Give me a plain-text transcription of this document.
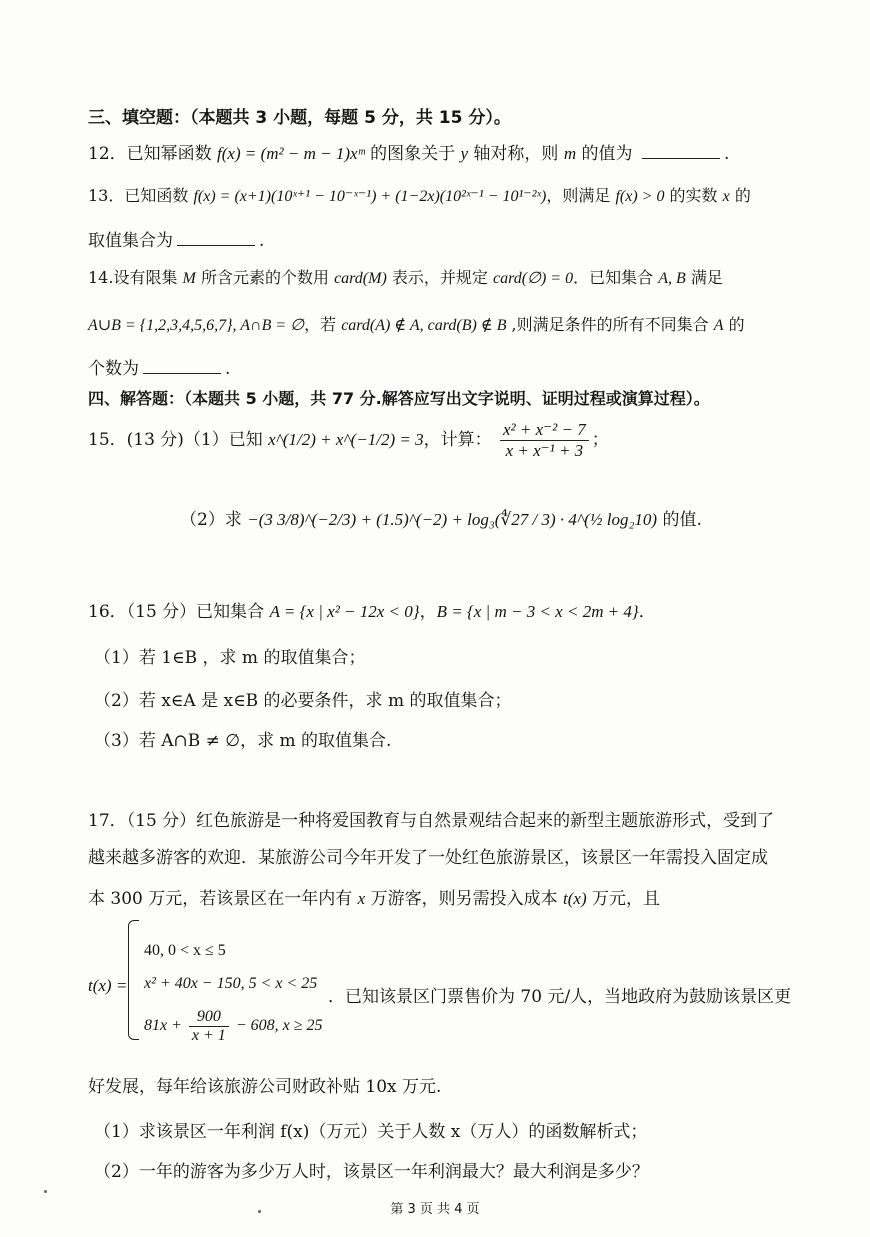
三、填空题：（本题共 3 小题，每题 5 分，共 15 分）。
12．已知幂函数 f(x) = (m² − m − 1)xᵐ 的图象关于 y 轴对称，则 m 的值为	.
13．已知函数 f(x) = (x+1)(10ˣ⁺¹ − 10⁻ˣ⁻¹) + (1−2x)(10²ˣ⁻¹ − 10¹⁻²ˣ)，则满足 f(x) > 0 的实数 x 的
取值集合为	.
14.设有限集 M 所含元素的个数用 card(M) 表示，并规定 card(∅) = 0．已知集合 A, B 满足
A∪B = {1,2,3,4,5,6,7}, A∩B = ∅，若 card(A) ∉ A, card(B) ∉ B ,则满足条件的所有不同集合 A 的
个数为	.
四、解答题：（本题共 5 小题，共 77 分.解答应写出文字说明、证明过程或演算过程）。
15．(13 分)（1）已知 x^(1/2) + x^(−1/2) = 3，计算： $\frac{\text{x² + x⁻² − 7}}{\text{x + x⁻¹ + 3}}$ ；
（2）求 −(3 3/8)^(−2/3) + (1.5)^(−2) + log₃(∜27 / 3) · 4^(½ log₂10) 的值.
16．（15 分）已知集合 A = {x | x² − 12x < 0}，B = {x | m − 3 < x < 2m + 4}．
（1）若 1∈B ，求 m 的取值集合；
（2）若 x∈A 是 x∈B 的必要条件，求 m 的取值集合；
（3）若 A∩B ≠ ∅，求 m 的取值集合.
17．（15 分）红色旅游是一种将爱国教育与自然景观结合起来的新型主题旅游形式，受到了
越来越多游客的欢迎．某旅游公司今年开发了一处红色旅游景区，该景区一年需投入固定成
本 300 万元，若该景区在一年内有 x 万游客，则另需投入成本 t(x) 万元，且
t(x) =
40, 0 < x ≤ 5
x² + 40x − 150, 5 < x < 25
$81x + \frac{900}{x + 1} - 608$, x ≥ 25
．已知该景区门票售价为 70 元/人，当地政府为鼓励该景区更
好发展，每年给该旅游公司财政补贴 10x 万元.
（1）求该景区一年利润 f(x)（万元）关于人数 x（万人）的函数解析式；
（2）一年的游客为多少万人时，该景区一年利润最大？最大利润是多少？
第 3 页 共 4 页
